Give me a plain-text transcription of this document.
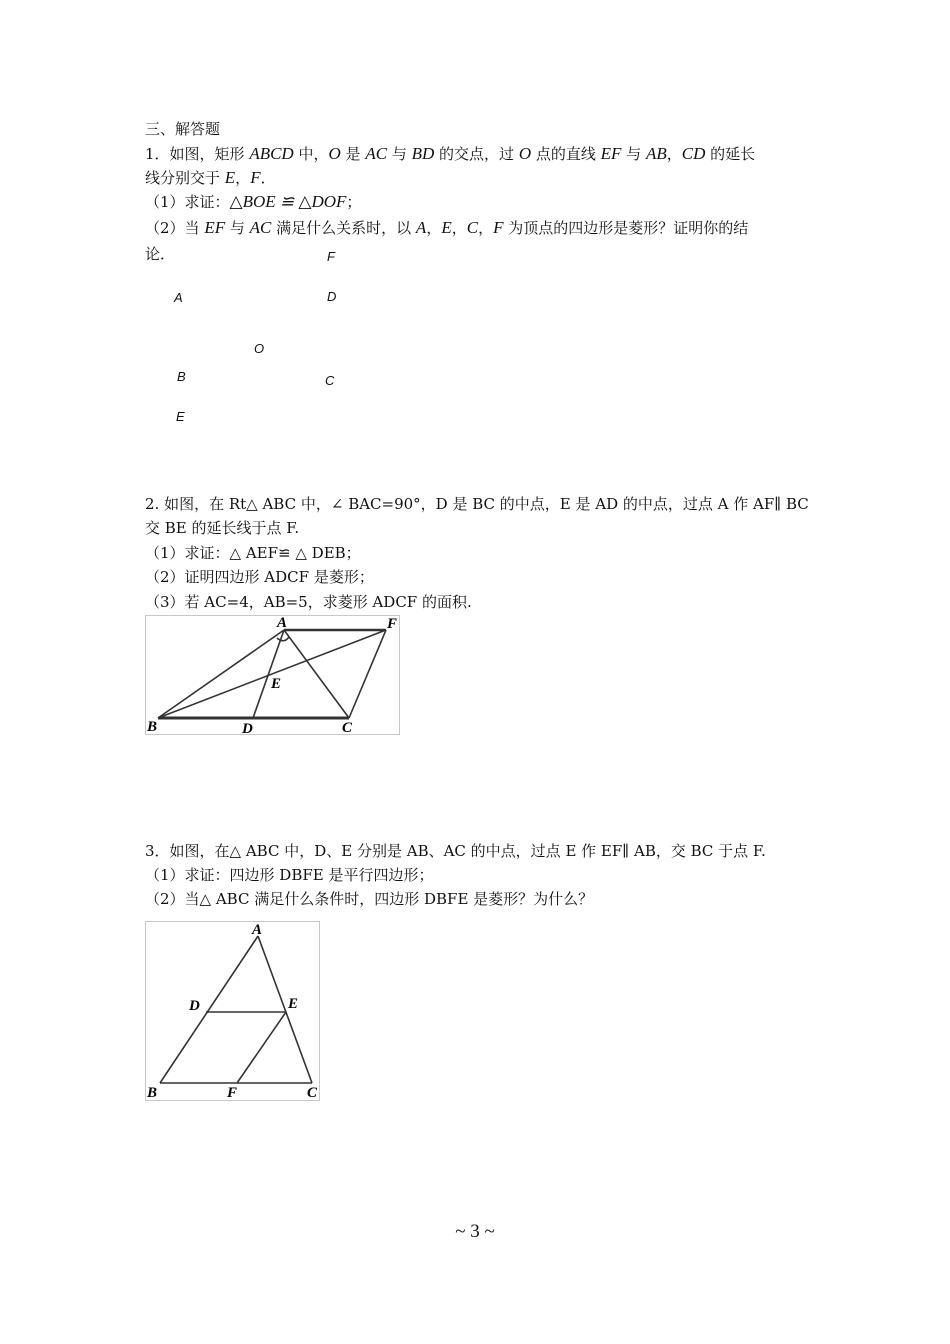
三、解答题
1．如图，矩形 ABCD 中，O 是 AC 与 BD 的交点，过 O 点的直线 EF 与 AB，CD 的延长
线分别交于 E，F．
（1）求证：△BOE ≌ △DOF；
（2）当 EF 与 AC 满足什么关系时，以 A，E，C，F 为顶点的四边形是菱形？证明你的结
论．	F
D
A
O
B	C
E
2. 如图，在 Rt△ ABC 中，∠ BAC=90°，D 是 BC 的中点，E 是 AD 的中点，过点 A 作 AF∥ BC
交 BE 的延长线于点 F.
（1）求证：△ AEF≌ △ DEB；
（2）证明四边形 ADCF 是菱形；
（3）若 AC=4，AB=5，求菱形 ADCF 的面积.
A	F
E
B	D	C
3．如图，在△ ABC 中，D、E 分别是 AB、AC 的中点，过点 E 作 EF∥ AB，交 BC 于点 F.
（1）求证：四边形 DBFE 是平行四边形；
（2）当△ ABC 满足什么条件时，四边形 DBFE 是菱形？为什么？
A
D	E
B	F	C
~ 3 ~
